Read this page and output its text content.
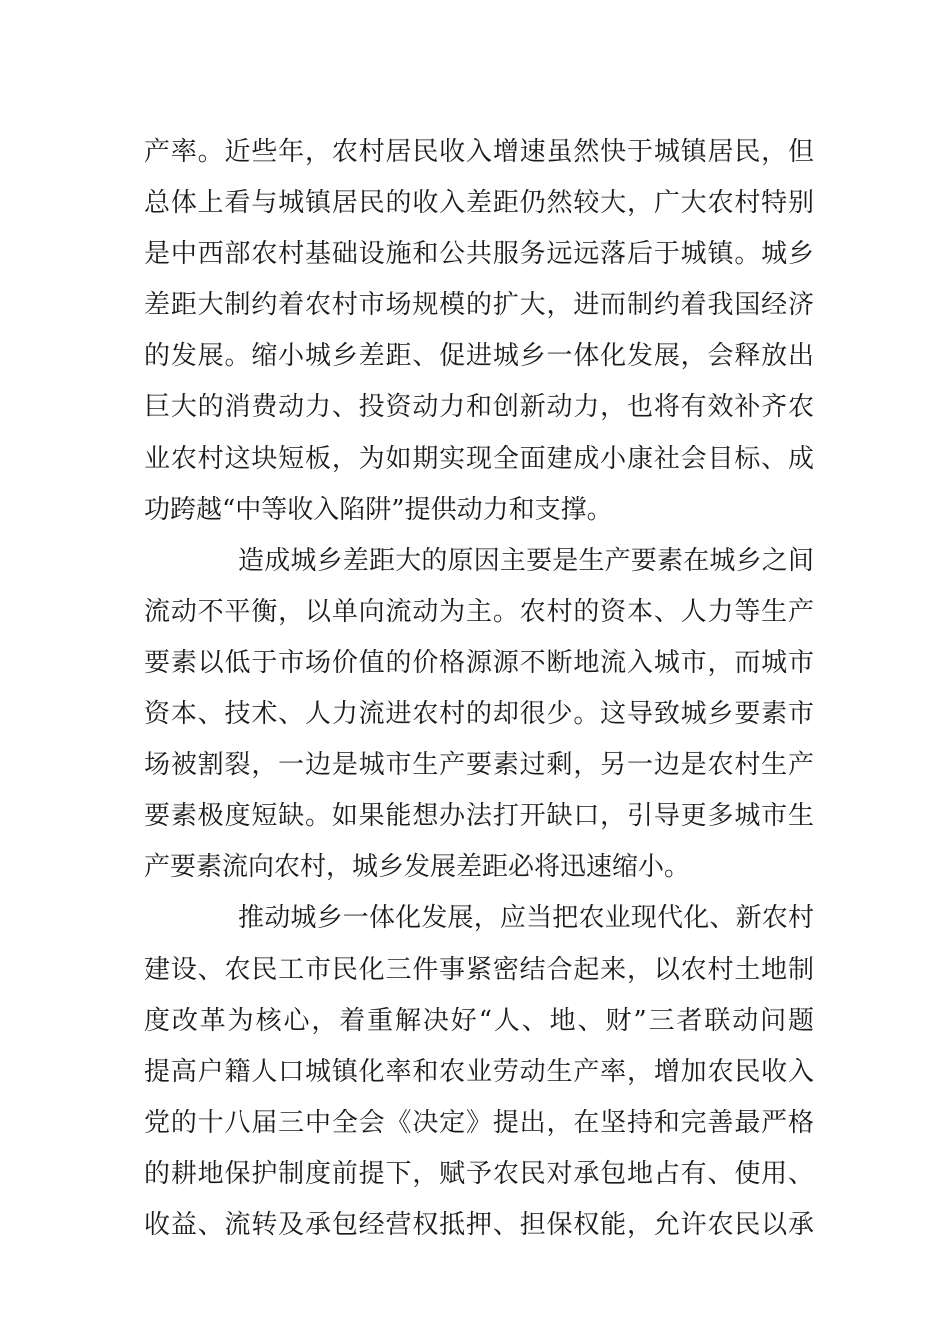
产率。近些年，农村居民收入增速虽然快于城镇居民，但
总体上看与城镇居民的收入差距仍然较大，广大农村特别
是中西部农村基础设施和公共服务远远落后于城镇。城乡
差距大制约着农村市场规模的扩大，进而制约着我国经济
的发展。缩小城乡差距、促进城乡一体化发展，会释放出
巨大的消费动力、投资动力和创新动力，也将有效补齐农
业农村这块短板，为如期实现全面建成小康社会目标、成
功跨越“中等收入陷阱”提供动力和支撑。
造成城乡差距大的原因主要是生产要素在城乡之间
流动不平衡，以单向流动为主。农村的资本、人力等生产
要素以低于市场价值的价格源源不断地流入城市，而城市
资本、技术、人力流进农村的却很少。这导致城乡要素市
场被割裂，一边是城市生产要素过剩，另一边是农村生产
要素极度短缺。如果能想办法打开缺口，引导更多城市生
产要素流向农村，城乡发展差距必将迅速缩小。
推动城乡一体化发展，应当把农业现代化、新农村
建设、农民工市民化三件事紧密结合起来，以农村土地制
度改革为核心，着重解决好“人、地、财”三者联动问题
提高户籍人口城镇化率和农业劳动生产率，增加农民收入
党的十八届三中全会《决定》提出，在坚持和完善最严格
的耕地保护制度前提下，赋予农民对承包地占有、使用、
收益、流转及承包经营权抵押、担保权能，允许农民以承
